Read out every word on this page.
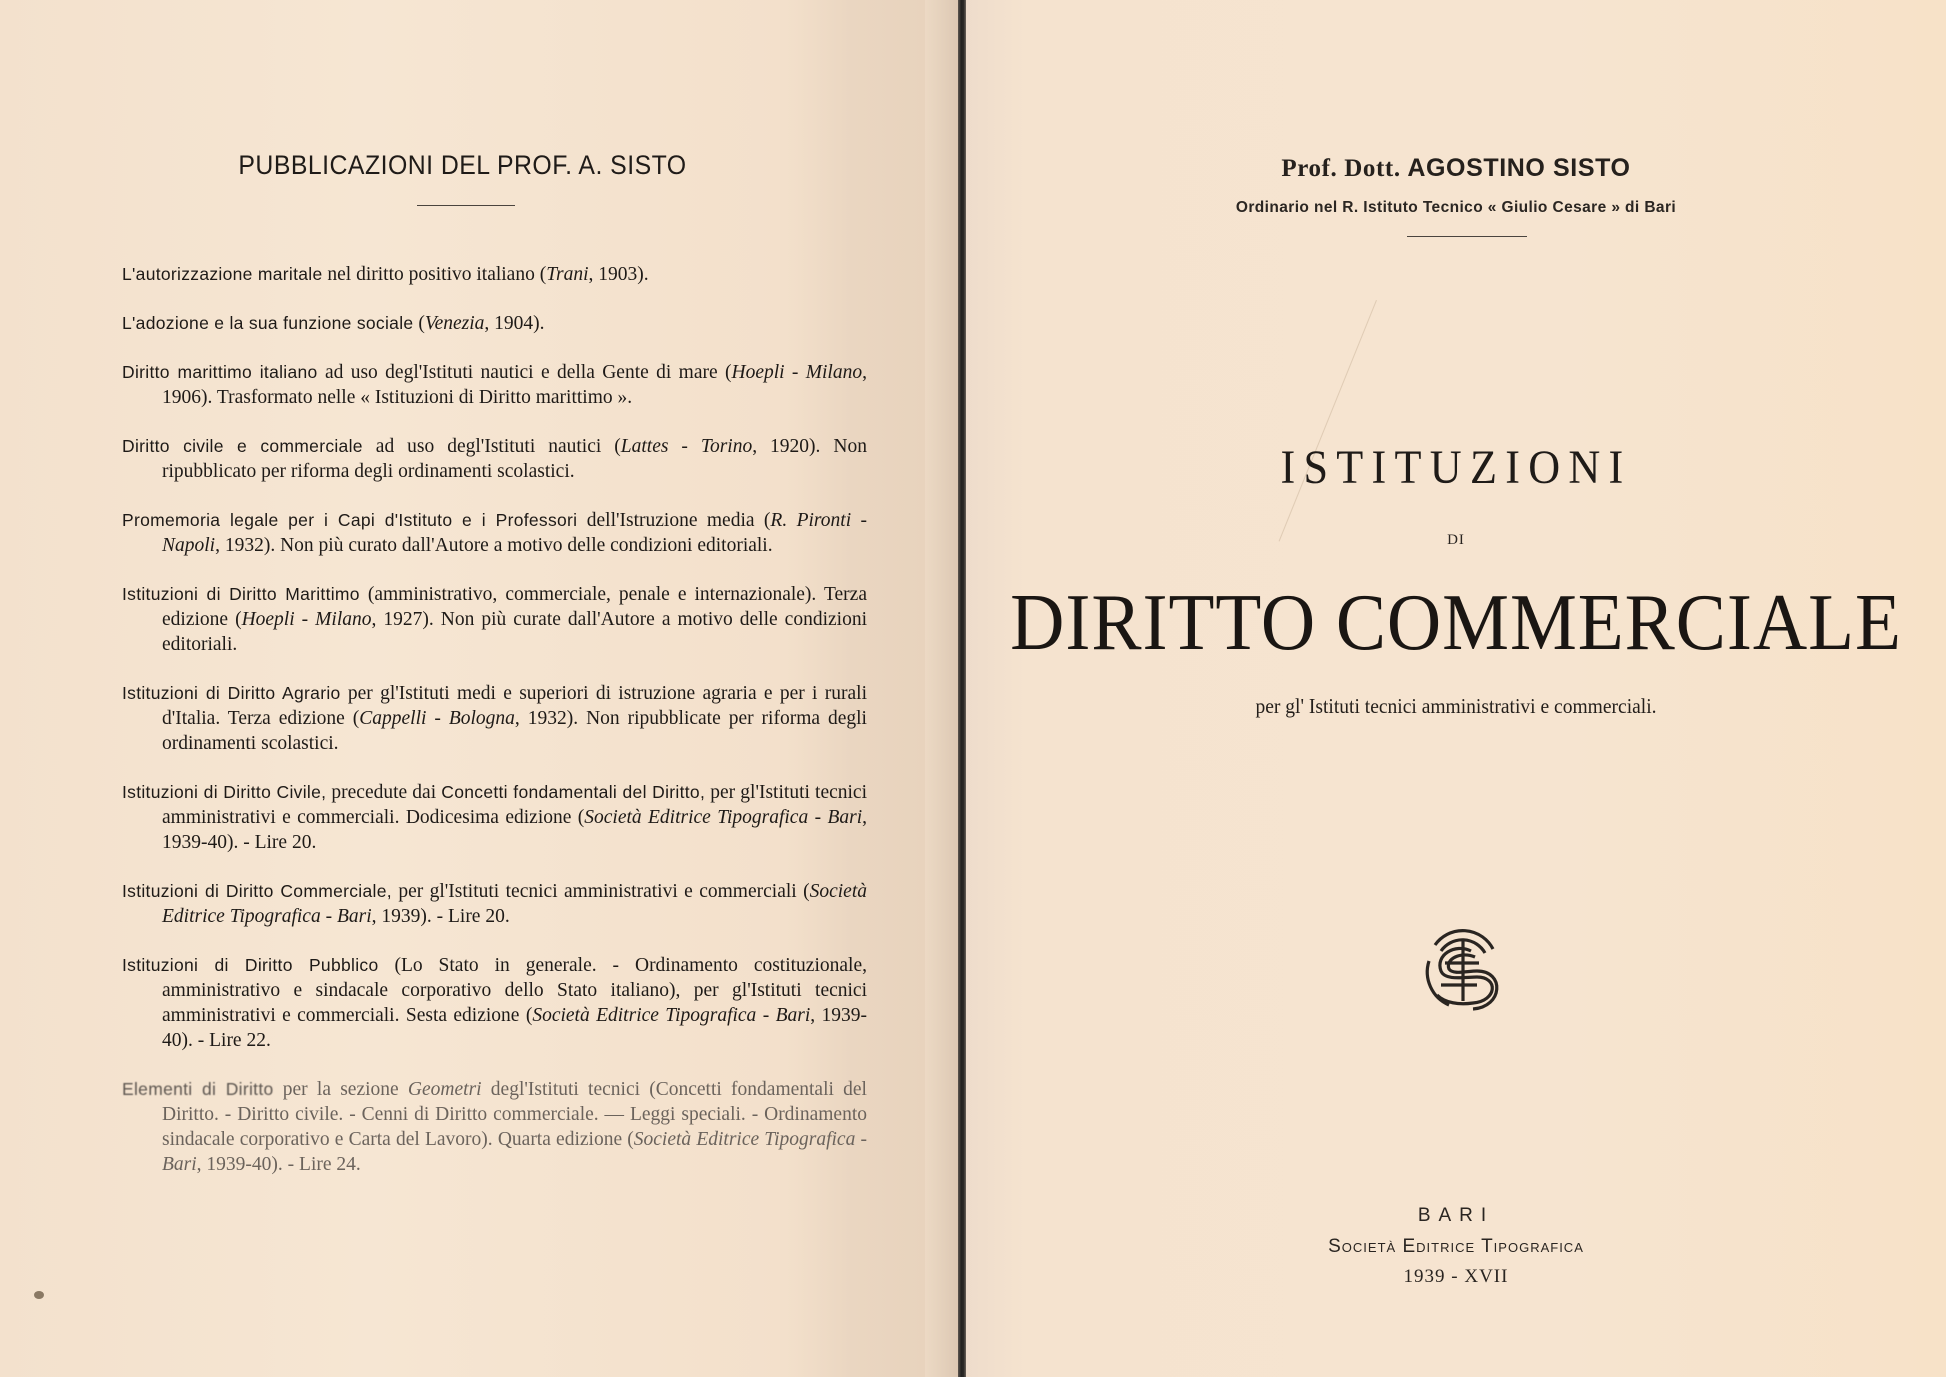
PUBBLICAZIONI DEL PROF. A. SISTO
L'autorizzazione maritale nel diritto positivo italiano (Trani, 1903).
L'adozione e la sua funzione sociale (Venezia, 1904).
Diritto marittimo italiano ad uso degl'Istituti nautici e della Gente di mare (Hoepli - Milano, 1906). Trasformato nelle « Istituzioni di Diritto marittimo ».
Diritto civile e commerciale ad uso degl'Istituti nautici (Lattes - Torino, 1920). Non ripubblicato per riforma degli ordinamenti scolastici.
Promemoria legale per i Capi d'Istituto e i Professori dell'Istruzione media (R. Pironti - Napoli, 1932). Non più curato dall'Autore a motivo delle condizioni editoriali.
Istituzioni di Diritto Marittimo (amministrativo, commerciale, penale e internazionale). Terza edizione (Hoepli - Milano, 1927). Non più curate dall'Autore a motivo delle condizioni editoriali.
Istituzioni di Diritto Agrario per gl'Istituti medi e superiori di istruzione agraria e per i rurali d'Italia. Terza edizione (Cappelli - Bologna, 1932). Non ripubblicate per riforma degli ordinamenti scolastici.
Istituzioni di Diritto Civile, precedute dai Concetti fondamentali del Diritto, per gl'Istituti tecnici amministrativi e commerciali. Dodicesima edizione (Società Editrice Tipografica - Bari, 1939-40). - Lire 20.
Istituzioni di Diritto Commerciale, per gl'Istituti tecnici amministrativi e commerciali (Società Editrice Tipografica - Bari, 1939). - Lire 20.
Istituzioni di Diritto Pubblico (Lo Stato in generale. - Ordinamento costituzionale, amministrativo e sindacale corporativo dello Stato italiano), per gl'Istituti tecnici amministrativi e commerciali. Sesta edizione (Società Editrice Tipografica - Bari, 1939-40). - Lire 22.
Elementi di Diritto per la sezione Geometri degl'Istituti tecnici (Concetti fondamentali del Diritto. - Diritto civile. - Cenni di Diritto commerciale. — Leggi speciali. - Ordinamento sindacale corporativo e Carta del Lavoro). Quarta edizione (Società Editrice Tipografica - Bari, 1939-40). - Lire 24.
Prof. Dott. AGOSTINO SISTO
Ordinario nel R. Istituto Tecnico « Giulio Cesare » di Bari
ISTITUZIONI
DI
DIRITTO COMMERCIALE
per gl' Istituti tecnici amministrativi e commerciali.
BARI
Società Editrice Tipografica
1939 - XVII
